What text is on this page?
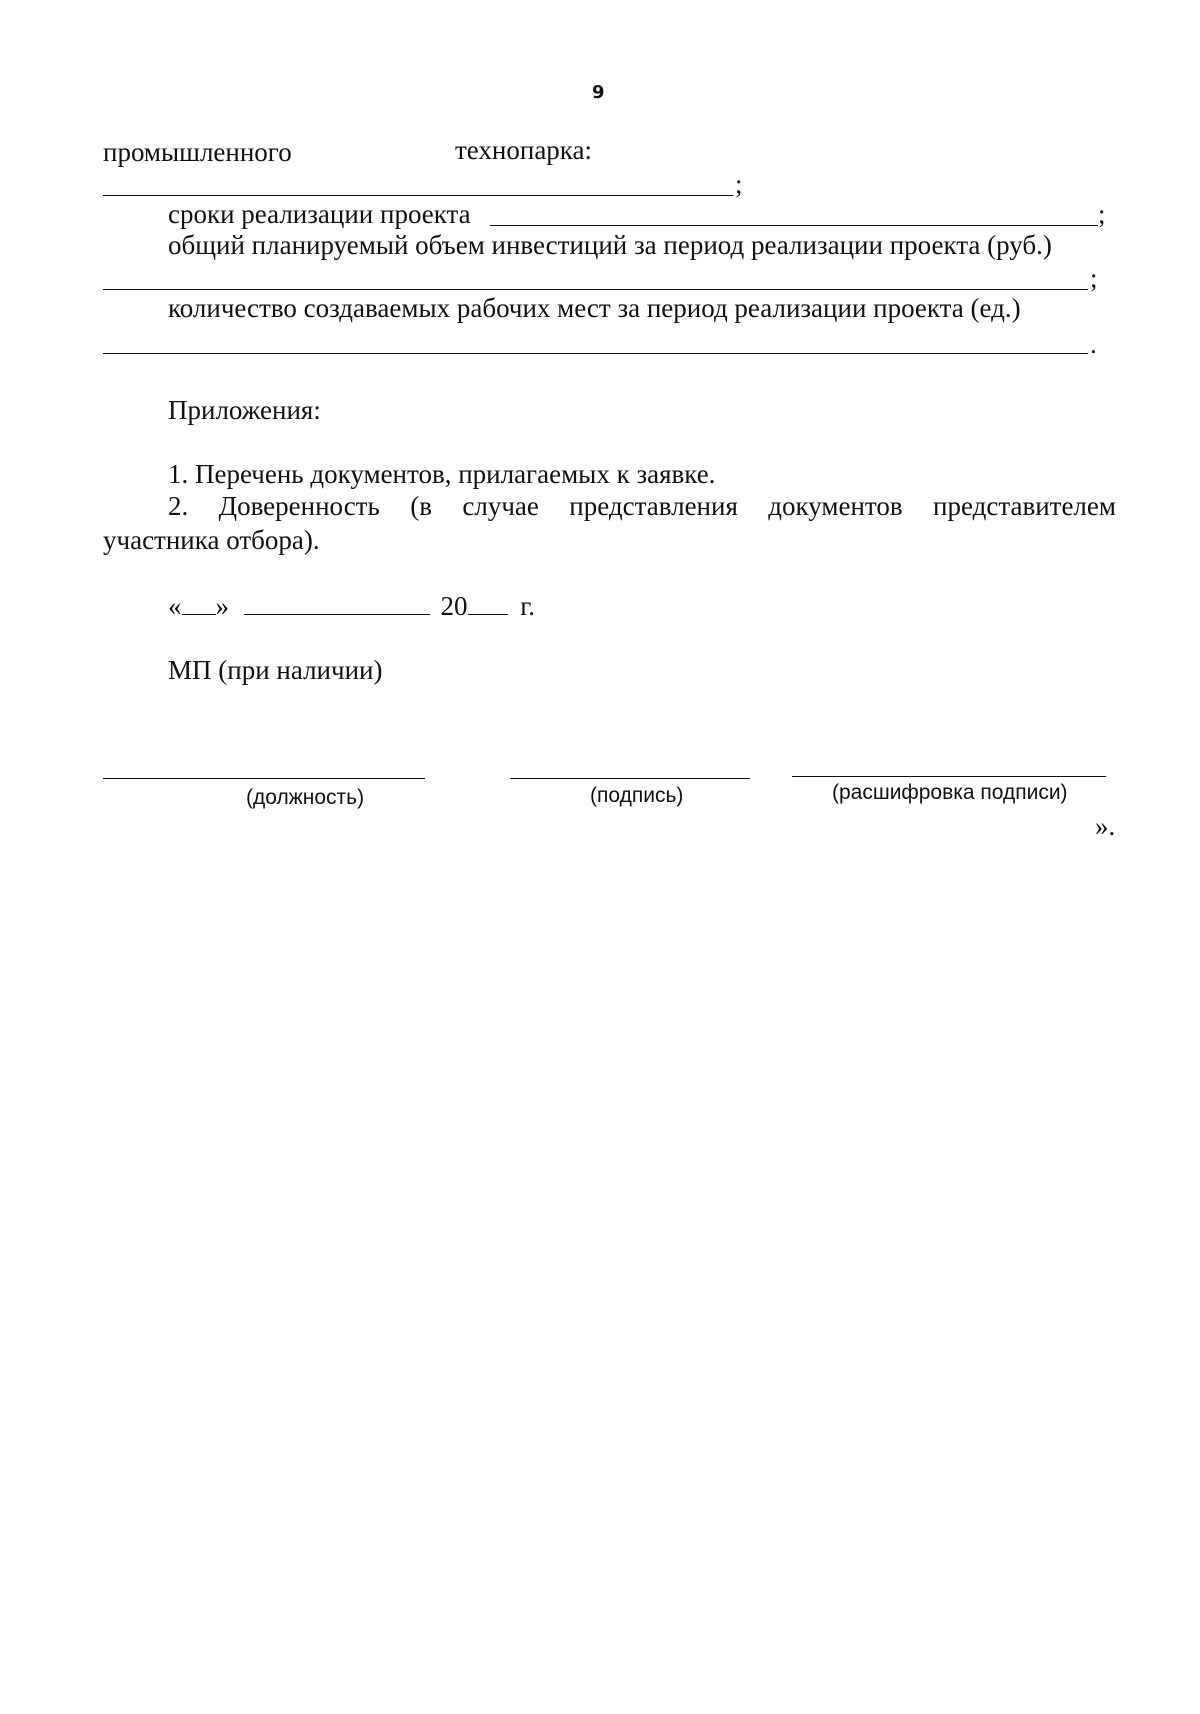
9
промышленного	технопарка:
;
сроки реализации проекта	;
общий планируемый объем инвестиций за период реализации проекта (руб.)
;
количество создаваемых рабочих мест за период реализации проекта (ед.)
.
Приложения:
1. Перечень документов, прилагаемых к заявке.
2. Доверенность (в случае представления документов представителем
участника отбора).
« »	20 г.
МП (при наличии)
(должность)	(подпись)	(расшифровка подписи)
».
